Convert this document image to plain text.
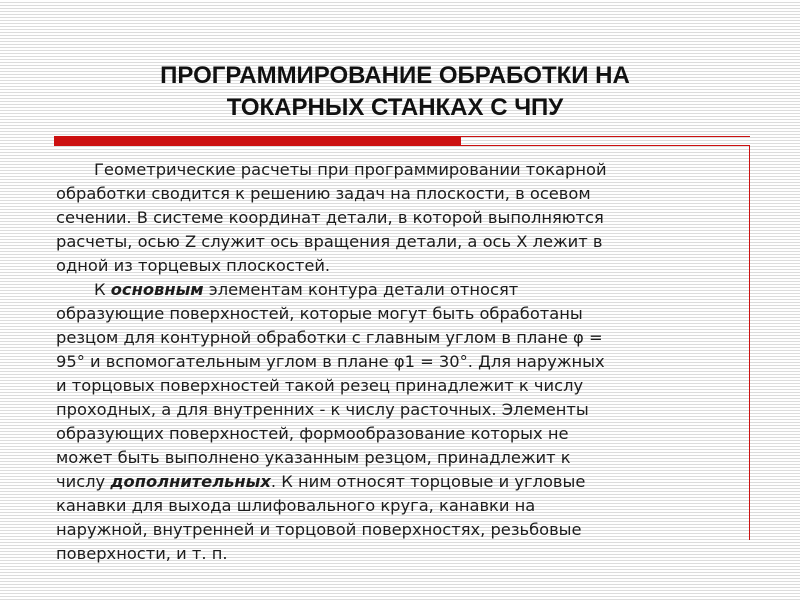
ПРОГРАММИРОВАНИЕ ОБРАБОТКИ НА
ТОКАРНЫХ СТАНКАХ С ЧПУ
Геометрические расчеты при программировании токарной
обработки сводится к решению задач на плоскости, в осевом
сечении. В системе координат детали, в которой выполняются
расчеты, осью Z служит ось вращения детали, а ось X лежит в
одной из торцевых плоскостей.
К основным элементам контура детали относят
образующие поверхностей, которые могут быть обработаны
резцом для контурной обработки с главным углом в плане φ =
95° и вспомогательным углом в плане φ1 = 30°. Для наружных
и торцовых поверхностей такой резец принадлежит к числу
проходных, а для внутренних - к числу расточных. Элементы
образующих поверхностей, формообразование которых не
может быть выполнено указанным резцом, принадлежит к
числу дополнительных. К ним относят торцовые и угловые
канавки для выхода шлифовального круга, канавки на
наружной, внутренней и торцовой поверхностях, резьбовые
поверхности, и т. п.
